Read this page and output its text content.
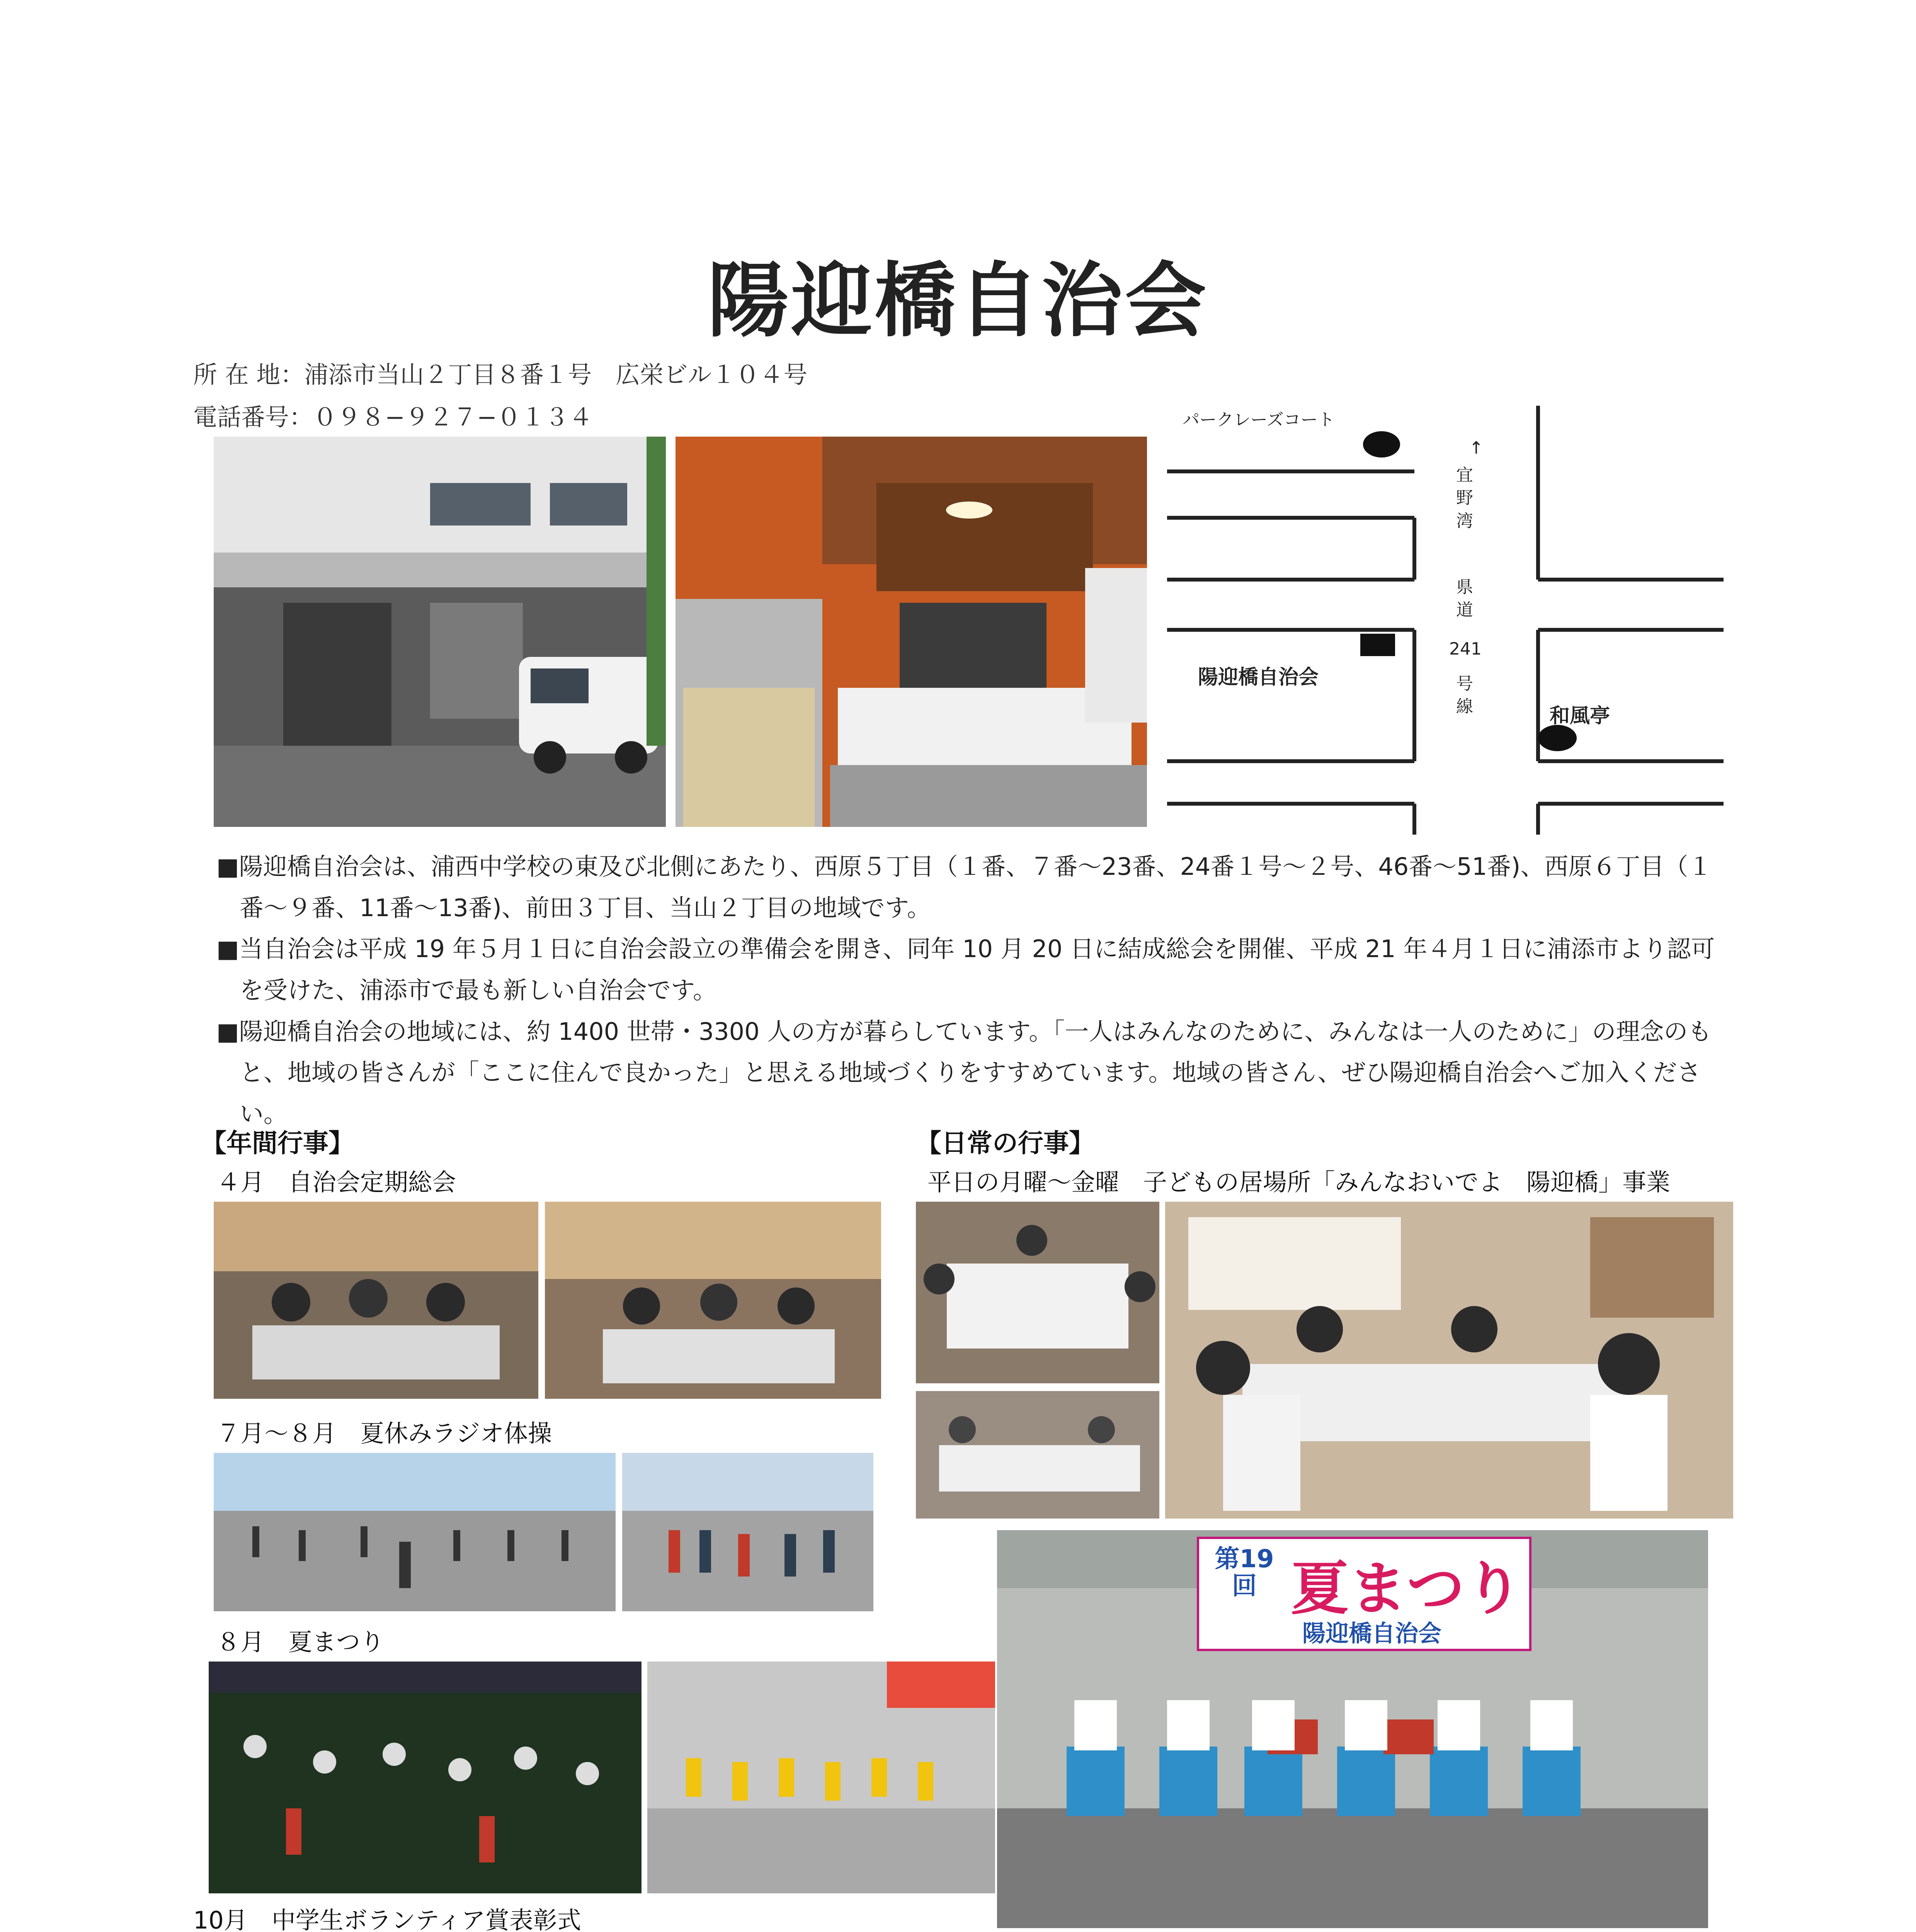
陽迎橋自治会
所 在 地：浦添市当山２丁目８番１号　広栄ビル１０４号
電話番号：０９８−９２７−０１３４	パークレーズコート
↑
宜野湾
県道
241
号線
陽迎橋自治会
和風亭

■陽迎橋自治会は、浦西中学校の東及び北側にあたり、西原５丁目（１番、７番〜23番、24番１号〜２号、46番〜51番)、西原６丁目（１番〜９番、11番〜13番)、前田３丁目、当山２丁目の地域です。

■当自治会は平成 19 年５月１日に自治会設立の準備会を開き、同年 10 月 20 日に結成総会を開催、平成 21 年４月１日に浦添市より認可を受けた、浦添市で最も新しい自治会です。

■陽迎橋自治会の地域には、約 1400 世帯・3300 人の方が暮らしています。「一人はみんなのために、みんなは一人のために」の理念のもと、地域の皆さんが「ここに住んで良かった」と思える地域づくりをすすめています。地域の皆さん、ぜひ陽迎橋自治会へご加入ください。

【年間行事】	【日常の行事】
４月　自治会定期総会
７月〜８月　夏休みラジオ体操
８月　夏まつり
10月　中学生ボランティア賞表彰式
平日の月曜〜金曜　子どもの居場所「みんなおいでよ　陽迎橋」事業
第19回 夏まつり
陽迎橋自治会
